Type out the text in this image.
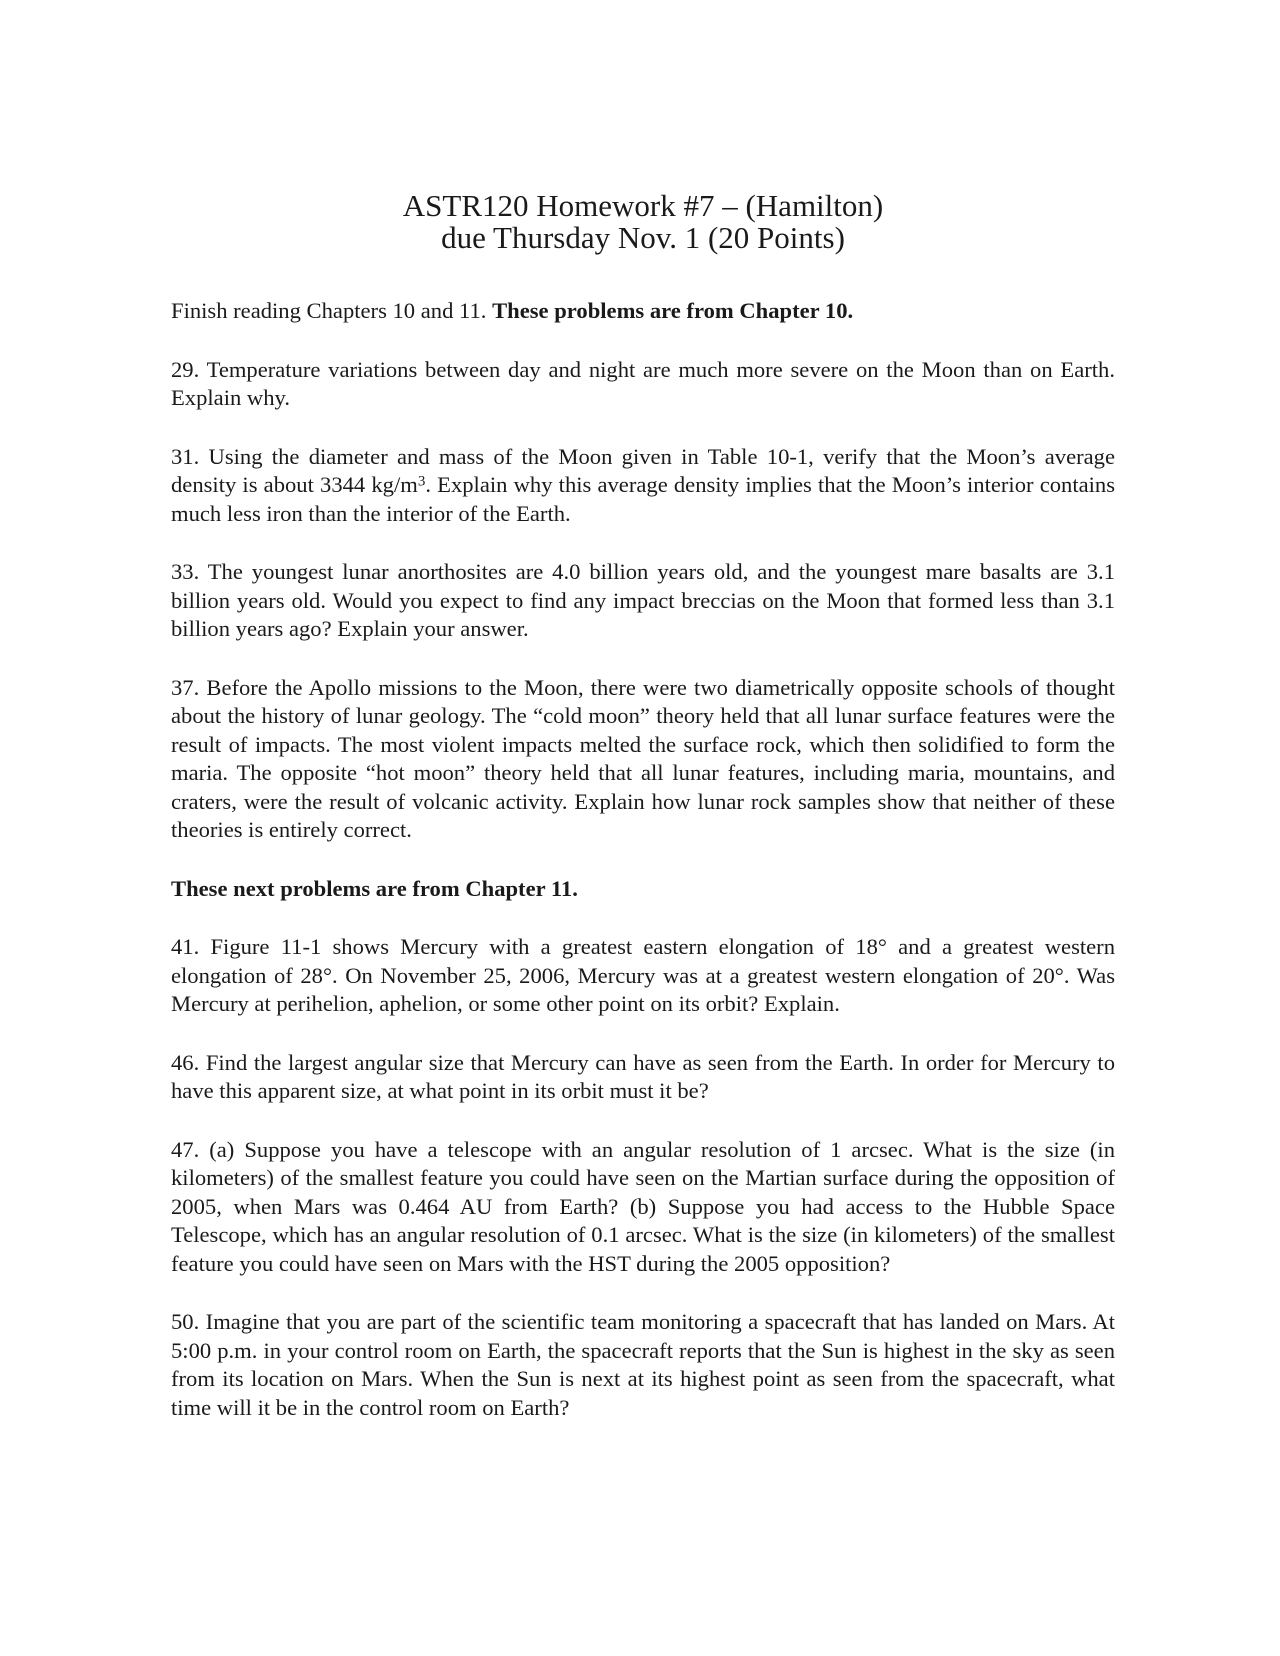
ASTR120 Homework #7 – (Hamilton)
due Thursday Nov. 1 (20 Points)

Finish reading Chapters 10 and 11. These problems are from Chapter 10.

29. Temperature variations between day and night are much more severe on the Moon than on Earth. Explain why.

31. Using the diameter and mass of the Moon given in Table 10-1, verify that the Moon’s average density is about 3344 $kg/m^3$. Explain why this average density implies that the Moon’s interior contains much less iron than the interior of the Earth.

33. The youngest lunar anorthosites are 4.0 billion years old, and the youngest mare basalts are 3.1 billion years old. Would you expect to find any impact breccias on the Moon that formed less than 3.1 billion years ago? Explain your answer.

37. Before the Apollo missions to the Moon, there were two diametrically opposite schools of thought about the history of lunar geology. The “cold moon” theory held that all lunar surface features were the result of impacts. The most violent impacts melted the surface rock, which then solidified to form the maria. The opposite “hot moon” theory held that all lunar features, including maria, mountains, and craters, were the result of volcanic activity. Explain how lunar rock samples show that neither of these theories is entirely correct.

These next problems are from Chapter 11.

41. Figure 11-1 shows Mercury with a greatest eastern elongation of 18° and a greatest western elongation of 28°. On November 25, 2006, Mercury was at a greatest western elongation of 20°. Was Mercury at perihelion, aphelion, or some other point on its orbit? Explain.

46. Find the largest angular size that Mercury can have as seen from the Earth. In order for Mercury to have this apparent size, at what point in its orbit must it be?

47. (a) Suppose you have a telescope with an angular resolution of 1 arcsec. What is the size (in kilometers) of the smallest feature you could have seen on the Martian surface during the opposition of 2005, when Mars was 0.464 AU from Earth? (b) Suppose you had access to the Hubble Space Telescope, which has an angular resolution of 0.1 arcsec. What is the size (in kilometers) of the smallest feature you could have seen on Mars with the HST during the 2005 opposition?

50. Imagine that you are part of the scientific team monitoring a spacecraft that has landed on Mars. At 5:00 p.m. in your control room on Earth, the spacecraft reports that the Sun is highest in the sky as seen from its location on Mars. When the Sun is next at its highest point as seen from the spacecraft, what time will it be in the control room on Earth?
